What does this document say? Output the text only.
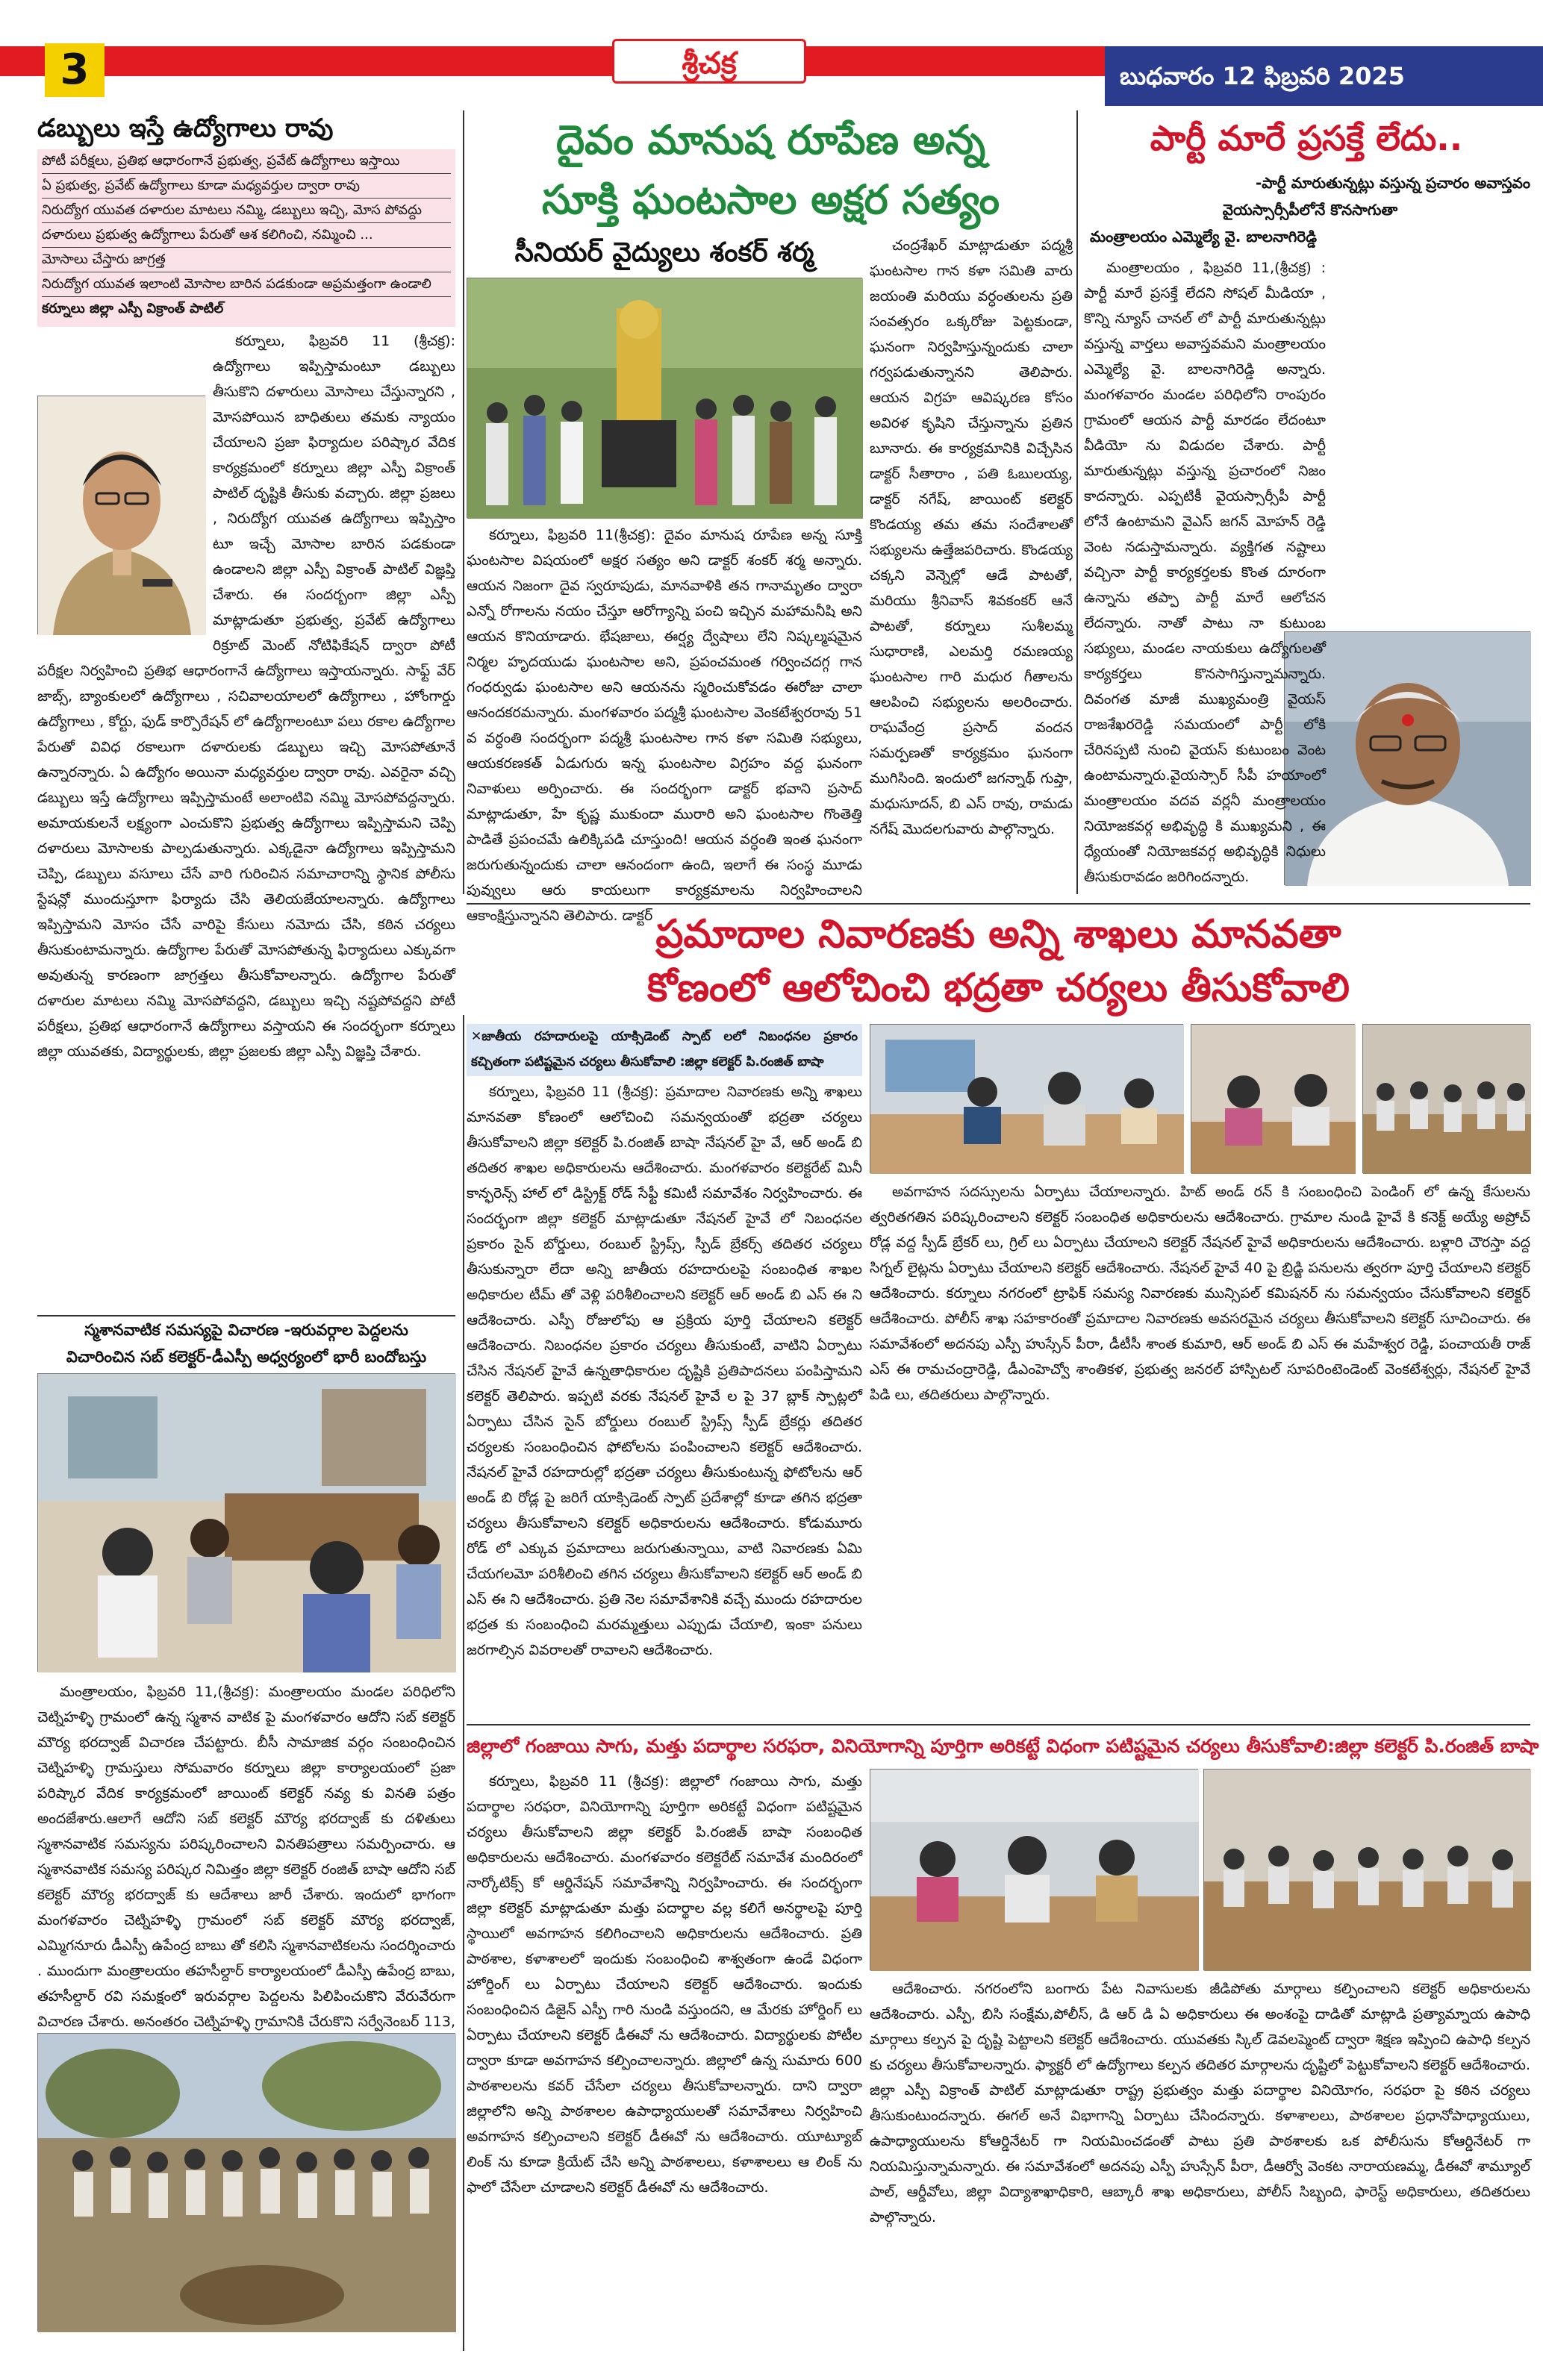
బుధవారం 12 ఫిబ్రవరి 2025
3	శ్రీచక్ర
డబ్బులు ఇస్తే ఉద్యోగాలు రావు
పోటీ పరీక్షలు, ప్రతిభ ఆధారంగానే ప్రభుత్వ, ప్రవేట్ ఉద్యోగాలు ఇస్తాయి
ఏ ప్రభుత్వ, ప్రవేట్ ఉద్యోగాలు కూడా మధ్యవర్తుల ద్వారా రావు
నిరుద్యోగ యువత దళారుల మాటలు నమ్మి, డబ్బులు ఇచ్చి, మోస పోవద్దు
దళారులు ప్రభుత్వ ఉద్యోగాలు పేరుతో ఆశ కలిగించి, నమ్మించి ...
మోసాలు చేస్తారు జాగ్రత్త
నిరుద్యోగ యువత ఇలాంటి మోసాల బారిన పడకుండా అప్రమత్తంగా ఉండాలి
కర్నూలు జిల్లా ఎస్పీ విక్రాంత్ పాటిల్

కర్నూలు, ఫిబ్రవరి 11 (శ్రీచక్ర): ఉద్యోగాలు ఇప్పిస్తామంటూ డబ్బులు తీసుకొని దళారులు మోసాలు చేస్తున్నారని , మోసపోయిన బాధితులు తమకు న్యాయం చేయాలని ప్రజా ఫిర్యాదుల పరిష్కార వేదిక కార్యక్రమంలో కర్నూలు జిల్లా ఎస్పీ విక్రాంత్ పాటిల్ దృష్టికి తీసుకు వచ్చారు. జిల్లా ప్రజలు , నిరుద్యోగ యువత ఉద్యోగాలు ఇప్పిస్తాం టూ ఇచ్చే మోసాల బారిన పడకుండా ఉండాలని జిల్లా ఎస్పీ విక్రాంత్ పాటిల్ విజ్ఞప్తి చేశారు. ఈ సందర్బంగా జిల్లా ఎస్పీ మాట్లాడుతూ ప్రభుత్వ, ప్రవేట్ ఉద్యోగాలు రిక్రూట్ మెంట్ నోటిఫికేషన్ ద్వారా పోటీ పరీక్షల నిర్వహించి ప్రతిభ ఆధారంగానే ఉద్యోగాలు ఇస్తాయన్నారు. సాఫ్ట్ వేర్ జాబ్స్, బ్యాంకులలో ఉద్యోగాలు , సచివాలయాలలో ఉద్యోగాలు , హోంగార్డు ఉద్యోగాలు , కోర్టు, ఫుడ్ కార్పొరేషన్ లో ఉద్యోగాలంటూ పలు రకాల ఉద్యోగాల పేరుతో వివిధ రకాలుగా దళారులకు డబ్బులు ఇచ్చి మోసపోతూనే ఉన్నారన్నారు. ఏ ఉద్యోగం అయినా మధ్యవర్తుల ద్వారా రావు. ఎవరైనా వచ్చి డబ్బులు ఇస్తే ఉద్యోగాలు ఇప్పిస్తామంటే అలాంటివి నమ్మి మోసపోవద్దన్నారు. అమాయకులనే లక్ష్యంగా ఎంచుకొని ప్రభుత్వ ఉద్యోగాలు ఇప్పిస్తామని చెప్పి దళారులు మోసాలకు పాల్పడుతున్నారు. ఎక్కడైనా ఉద్యోగాలు ఇప్పిస్తామని చెప్పి, డబ్బులు వసూలు చేసే వారి గురించిన సమాచారాన్ని స్థానిక పోలీసు స్టేషన్లో ముందుస్తూగా ఫిర్యాదు చేసి తెలియజేయాలన్నారు. ఉద్యోగాలు ఇప్పిస్తామని మోసం చేసే వారిపై కేసులు నమోదు చేసి, కఠిన చర్యలు తీసుకుంటామన్నారు. ఉద్యోగాల పేరుతో మోసపోతున్న ఫిర్యాదులు ఎక్కువగా అవుతున్న కారణంగా జాగ్రత్తలు తీసుకోవాలన్నారు. ఉద్యోగాల పేరుతో దళారుల మాటలు నమ్మి మోసపోవద్దని, డబ్బులు ఇచ్చి నష్టపోవద్దని పోటీ పరీక్షలు, ప్రతిభ ఆధారంగానే ఉద్యోగాలు వస్తాయని ఈ సందర్భంగా కర్నూలు జిల్లా యువతకు, విద్యార్థులకు, జిల్లా ప్రజలకు జిల్లా ఎస్పీ విజ్ఞప్తి చేశారు.

స్మశానవాటిక సమస్యపై విచారణ -ఇరువర్గాల పెద్దలను
విచారించిన సబ్ కలెక్టర్-డీఎస్పీ అధ్వర్యంలో భారీ బందోబస్తు

మంత్రాలయం, ఫిబ్రవరి 11,(శ్రీచక్ర): మంత్రాలయం మండల పరిధిలోని చెట్నిహళ్ళి గ్రామంలో ఉన్న స్మశాన వాటిక పై మంగళవారం ఆదోని సబ్ కలెక్టర్ మౌర్య భరద్వాజ్ విచారణ చేపట్టారు. బీసీ సామాజిక వర్గం సంబంధించిన చెట్నిహళ్ళి గ్రామస్తులు సోమవారం కర్నూలు జిల్లా కార్యాలయంలో ప్రజా పరిష్కార వేదిక కార్యక్రమంలో జాయింట్ కలెక్టర్ నవ్య కు వినతి పత్రం అందజేశారు.ఆలాగే ఆదోని సబ్ కలెక్టర్ మౌర్య భరద్వాజ్ కు దళితులు స్మశానవాటిక సమస్యను పరిష్కరించాలని వినతిపత్రాలు సమర్పించారు. ఆ స్మశానవాటిక సమస్య పరిష్కర నిమిత్తం జిల్లా కలెక్టర్ రంజిత్ బాషా ఆదోని సబ్ కలెక్టర్ మౌర్య భరద్వాజ్ కు ఆదేశాలు జారీ చేశారు. ఇందులో భాగంగా మంగళవారం చెట్నిహళ్ళి గ్రామంలో సబ్ కలెక్టర్ మౌర్య భరద్వాజ్, ఎమ్మిగనూరు డీఎస్పీ ఉపేంద్ర బాబు తో కలిసి స్మశానవాటికలను సందర్శించారు . ముందుగా మంత్రాలయం తహసీల్దార్ కార్యాలయంలో డీఎస్పీ ఉపేంద్ర బాబు, తహసీల్దార్ రవి సమక్షంలో ఇరువర్గాల పెద్దలను పిలిపించుకొని వేరువేరుగా విచారణ చేశారు. అనంతరం చెట్నిహళ్ళి గ్రామానికి చేరుకొని సర్వేనెంబర్ 113,

దైవం మానుష రూపేణ అన్న
సూక్తి ఘంటసాల అక్షర సత్యం
సీనియర్ వైద్యులు శంకర్ శర్మ

కర్నూలు, ఫిబ్రవరి 11(శ్రీచక్ర): దైవం మానుష రూపేణ అన్న సూక్తి ఘంటసాల విషయంలో అక్షర సత్యం అని డాక్టర్ శంకర్ శర్మ అన్నారు. ఆయన నిజంగా దైవ స్వరూపుడు, మానవాళికి తన గానామృతం ద్వారా ఎన్నో రోగాలను నయం చేస్తూ ఆరోగ్యాన్ని పంచి ఇచ్చిన మహామనీషి అని ఆయన కొనియాడారు. భేషజాలు, ఈర్ష్య ద్వేషాలు లేని నిష్కల్మషమైన నిర్మల హృదయుడు ఘంటసాల అని, ప్రపంచమంత గర్వించదగ్గ గాన గంధర్వుడు ఘంటసాల అని ఆయనను స్మరించుకోవడం ఈరోజు చాలా ఆనందకరమన్నారు. మంగళవారం పద్మశ్రీ ఘంటసాల వెంకటేశ్వరరావు 51 వ వర్ధంతి సందర్భంగా పద్మశ్రీ ఘంటసాల గాన కళా సమితి సభ్యులు, ఆయకరణకత్ ఏడుగురు ఇన్న ఘంటసాల విగ్రహం వద్ద ఘనంగా నివాళులు అర్పించారు. ఈ సందర్భంగా డాక్టర్ భవాని ప్రసాద్ మాట్లాడుతూ, హే కృష్ణ ముకుందా మురారి అని ఘంటసాల గొంతెత్తి పాడితే ప్రపంచమే ఉలిక్కిపడి చూస్తుంది! ఆయన వర్ధంతి ఇంత ఘనంగా జరుగుతున్నందుకు చాలా ఆనందంగా ఉంది, ఇలాగే ఈ సంస్థ మూడు పువ్వులు ఆరు కాయలుగా కార్యక్రమాలను నిర్వహించాలని ఆకాంక్షిస్తున్నానని తెలిపారు. డాక్టర్

చంద్రశేఖర్ మాట్లాడుతూ పద్మశ్రీ ఘంటసాల గాన కళా సమితి వారు జయంతి మరియు వర్ధంతులను ప్రతి సంవత్సరం ఒక్కరోజు పెట్టకుండా, ఘనంగా నిర్వహిస్తున్నందుకు చాలా గర్వపడుతున్నానని తెలిపారు. ఆయన విగ్రహ ఆవిష్కరణ కోసం అవిరళ కృషిని చేస్తున్నాను ప్రతిన బూనారు. ఈ కార్యక్రమానికి విచ్చేసిన డాక్టర్ సీతారాం , పతి ఓబులయ్య, డాక్టర్ నగేష్, జాయింట్ కలెక్టర్ కొండయ్య తమ తమ సందేశాలతో సభ్యులను ఉత్తేజపరిచారు. కొండయ్య చక్కని వెన్నెల్లో ఆడే పాటతో, మరియు శ్రీనివాస్ శివకంకర్ ఆనే పాటతో, కర్నూలు సుశీలమ్మ సుధారాణి, ఎలమర్తి రమణయ్య ఘంటసాల గారి మధుర గీతాలను ఆలపించి సభ్యులను అలరించారు. రాఘవేంద్ర ప్రసాద్ వందన సమర్పణతో కార్యక్రమం ఘనంగా ముగిసింది. ఇందులో జగన్నాథ్ గుప్తా, మధుసూదన్, బి ఎస్ రావు, రామడు నగేష్ మొదలగువారు పాల్గొన్నారు.

పార్టీ మారే ప్రసక్తే లేదు..
-పార్టీ మారుతున్నట్లు వస్తున్న ప్రచారం అవాస్తవం
వైయస్సార్సీపీలోనే కొనసాగుతా
మంత్రాలయం ఎమ్మెల్యే వై. బాలనాగిరెడ్డి

మంత్రాలయం , ఫిబ్రవరి 11,(శ్రీచక్ర) : పార్టీ మారే ప్రసక్తే లేదని సోషల్ మీడియా , కొన్ని న్యూస్ చానల్ లో పార్టీ మారుతున్నట్లు వస్తున్న వార్తలు అవాస్తవమని మంత్రాలయం ఎమ్మెల్యే వై. బాలనాగిరెడ్డి అన్నారు. మంగళవారం మండల పరిధిలోని రాంపురం గ్రామంలో ఆయన పార్టీ మారడం లేదంటూ వీడియో ను విడుదల చేశారు. పార్టీ మారుతున్నట్లు వస్తున్న ప్రచారంలో నిజం కాదన్నారు. ఎప్పటికీ వైయస్సార్సీపీ పార్టీ లోనే ఉంటామని వైఎస్ జగన్ మోహన్ రెడ్డి వెంట నడుస్తామన్నారు. వ్యక్తిగత నష్టాలు వచ్చినా పార్టీ కార్యకర్తలకు కొంత దూరంగా ఉన్నాను తప్పా పార్టీ మారే ఆలోచన లేదన్నారు. నాతో పాటు నా కుటుంబ సభ్యులు, మండల నాయకులు ఉద్యోగులతో కార్యకర్తలు కొనసాగిస్తున్నామన్నారు. దివంగత మాజీ ముఖ్యమంత్రి వైయస్ రాజశేఖరరెడ్డి సమయంలో పార్టీ లోకి చేరినప్పటి నుంచి వైయస్ కుటుంబం వెంట ఉంటామన్నారు.వైయస్సార్ సీపీ హయాంలో మంత్రాలయం వదవ వర్లనీ మంత్రాలయం నియోజకవర్గ అభివృద్ధి కి ముఖ్యమని , ఈ ధ్యేయంతో నియోజకవర్గ అభివృద్ధికి నిధులు తీసుకురావడం జరిగిందన్నారు.

ప్రమాదాల నివారణకు అన్ని శాఖలు మానవతా
కోణంలో ఆలోచించి భద్రతా చర్యలు తీసుకోవాలి
✕జాతీయ రహదారులపై యాక్సిడెంట్ స్పాట్ లలో నిబంధనల ప్రకారం కచ్చితంగా పటిష్టమైన చర్యలు తీసుకోవాలి :జిల్లా కలెక్టర్ పి.రంజిత్ బాషా

కర్నూలు, ఫిబ్రవరి 11 (శ్రీచక్ర): ప్రమాదాల నివారణకు అన్ని శాఖలు మానవతా కోణంలో ఆలోచించి సమన్వయంతో భద్రతా చర్యలు తీసుకోవాలని జిల్లా కలెక్టర్ పి.రంజిత్ బాషా నేషనల్ హై వే, ఆర్ అండ్ బి తదితర శాఖల అధికారులను ఆదేశించారు. మంగళవారం కలెక్టరేట్ మినీ కాన్ఫరెన్స్ హాల్ లో డిస్ట్రిక్ట్ రోడ్ సేఫ్టీ కమిటీ సమావేశం నిర్వహించారు. ఈ సందర్భంగా జిల్లా కలెక్టర్ మాట్లాడుతూ నేషనల్ హైవే లో నిబంధనల ప్రకారం సైన్ బోర్డులు, రంబుల్ స్ట్రిప్స్, స్పీడ్ బ్రేకర్స్ తదితర చర్యలు తీసుకున్నారా లేదా అన్ని జాతీయ రహదారులపై సంబంధిత శాఖల అధికారుల టీమ్ తో వెళ్లి పరిశీలించాలని కలెక్టర్ ఆర్ అండ్ బి ఎస్ ఈ ని ఆదేశించారు. ఎస్పీ రోజులోపు ఆ ప్రక్రియ పూర్తి చేయాలని కలెక్టర్ ఆదేశించారు. నిబంధనల ప్రకారం చర్యలు తీసుకుంటే, వాటిని ఏర్పాటు చేసిన నేషనల్ హైవే ఉన్నతాధికారుల దృష్టికి ప్రతిపాదనలు పంపిస్తామని కలెక్టర్ తెలిపారు. ఇప్పటి వరకు నేషనల్ హైవే ల పై 37 బ్లాక్ స్పాట్లలో ఏర్పాటు చేసిన సైన్ బోర్డులు రంబుల్ స్ట్రిప్స్ స్పీడ్ బ్రేకర్లు తదితర చర్యలకు సంబంధించిన ఫోటోలను పంపించాలని కలెక్టర్ ఆదేశించారు. నేషనల్ హైవే రహదారుల్లో భద్రతా చర్యలు తీసుకుంటున్న ఫోటోలను ఆర్ అండ్ బి రోడ్ల పై జరిగే యాక్సిడెంట్ స్పాట్ ప్రదేశాల్లో కూడా తగిన భద్రతా చర్యలు తీసుకోవాలని కలెక్టర్ అధికారులను ఆదేశించారు. కోడుమూరు రోడ్ లో ఎక్కువ ప్రమాదాలు జరుగుతున్నాయి, వాటి నివారణకు ఏమి చేయగలమో పరిశీలించి తగిన చర్యలు తీసుకోవాలని కలెక్టర్ ఆర్ అండ్ బి ఎస్ ఈ ని ఆదేశించారు. ప్రతి నెల సమావేశానికి వచ్చే ముందు రహదారుల భద్రత కు సంబంధించి మరమ్మత్తులు ఎప్పుడు చేయాలి, ఇంకా పనులు జరగాల్సిన వివరాలతో రావాలని ఆదేశించారు.

అవగాహన సదస్సులను ఏర్పాటు చేయాలన్నారు. హిట్ అండ్ రన్ కి సంబంధించి పెండింగ్ లో ఉన్న కేసులను త్వరితగతిన పరిష్కరించాలని కలెక్టర్ సంబంధిత అధికారులను ఆదేశించారు. గ్రామాల నుండి హైవే కి కనెక్ట్ అయ్యే అప్రోచ్ రోడ్ల వద్ద స్పీడ్ బ్రేకర్ లు, గ్రిల్ లు ఏర్పాటు చేయాలని కలెక్టర్ నేషనల్ హైవే అధికారులను ఆదేశించారు. బళ్లారి చౌరస్తా వద్ద సిగ్నల్ లైట్లను ఏర్పాటు చేయాలని కలెక్టర్ ఆదేశించారు. నేషనల్ హైవే 40 పై బ్రిడ్జి పనులను త్వరగా పూర్తి చేయాలని కలెక్టర్ ఆదేశించారు. కర్నూలు నగరంలో ట్రాఫిక్ సమస్య నివారణకు మున్సిపల్ కమిషనర్ ను సమన్వయం చేసుకోవాలని కలెక్టర్ ఆదేశించారు. పోలీస్ శాఖ సహకారంతో ప్రమాదాల నివారణకు అవసరమైన చర్యలు తీసుకోవాలని కలెక్టర్ సూచించారు. ఈ సమావేశంలో అదనపు ఎస్పీ హుస్సేన్ పీరా, డీటీసీ శాంత కుమారి, ఆర్ అండ్ బి ఎస్ ఈ మహేశ్వర రెడ్డి, పంచాయతీ రాజ్ ఎస్ ఈ రామచంద్రారెడ్డి, డీఎంహెచ్వో శాంతికళ, ప్రభుత్వ జనరల్ హాస్పిటల్ సూపరింటెండెంట్ వెంకటేశ్వర్లు, నేషనల్ హైవే పిడి లు, తదితరులు పాల్గొన్నారు.

జిల్లాలో గంజాయి సాగు, మత్తు పదార్థాల సరఫరా, వినియోగాన్ని పూర్తిగా అరికట్టే విధంగా పటిష్టమైన చర్యలు తీసుకోవాలి:జిల్లా కలెక్టర్ పి.రంజిత్ బాషా

కర్నూలు, ఫిబ్రవరి 11 (శ్రీచక్ర): జిల్లాలో గంజాయి సాగు, మత్తు పదార్థాల సరఫరా, వినియోగాన్ని పూర్తిగా అరికట్టే విధంగా పటిష్టమైన చర్యలు తీసుకోవాలని జిల్లా కలెక్టర్ పి.రంజిత్ బాషా సంబంధిత అధికారులను ఆదేశించారు. మంగళవారం కలెక్టరేట్ సమావేశ మందిరంలో నార్కోటిక్స్ కో ఆర్డినేషన్ సమావేశాన్ని నిర్వహించారు. ఈ సందర్భంగా జిల్లా కలెక్టర్ మాట్లాడుతూ మత్తు పదార్థాల వల్ల కలిగే అనర్థాలపై పూర్తి స్థాయిలో అవగాహన కలిగించాలని అధికారులను ఆదేశించారు. ప్రతి పాఠశాల, కళాశాలలో ఇందుకు సంబంధించి శాశ్వతంగా ఉండే విధంగా హోర్డింగ్ లు ఏర్పాటు చేయాలని కలెక్టర్ ఆదేశించారు. ఇందుకు సంబంధించిన డిజైన్ ఎస్పీ గారి నుండి వస్తుందని, ఆ మేరకు హోర్డింగ్ లు ఏర్పాటు చేయాలని కలెక్టర్ డీఈవో ను ఆదేశించారు. విద్యార్థులకు పోటీల ద్వారా కూడా అవగాహన కల్పించాలన్నారు. జిల్లాలో ఉన్న సుమారు 600 పాఠశాలలను కవర్ చేసేలా చర్యలు తీసుకోవాలన్నారు. దాని ద్వారా జిల్లాలోని అన్ని పాఠశాలల ఉపాధ్యాయులతో సమావేశాలు నిర్వహించి అవగాహన కల్పించాలని కలెక్టర్ డీఈవో ను ఆదేశించారు. యూట్యూబ్ లింక్ ను కూడా క్రియేట్ చేసి అన్ని పాఠశాలలు, కళాశాలలు ఆ లింక్ ను ఫాలో చేసేలా చూడాలని కలెక్టర్ డీఈవో ను ఆదేశించారు.

ఆదేశించారు. నగరంలోని బంగారు పేట నివాసులకు జీడిపోతు మార్గాలు కల్పించాలని కలెక్టర్ అధికారులను ఆదేశించారు. ఎస్పీ, బిసి సంక్షేమ,పోలీస్, డి ఆర్ డి ఏ అధికారులు ఈ అంశంపై దాడితో మాట్లాడి ప్రత్యామ్నాయ ఉపాధి మార్గాలు కల్పన పై దృష్టి పెట్టాలని కలెక్టర్ ఆదేశించారు. యువతకు స్కిల్ డెవలప్మెంట్ ద్వారా శిక్షణ ఇప్పించి ఉపాధి కల్పన కు చర్యలు తీసుకోవాలన్నారు. ఫ్యాక్టరీ లో ఉద్యోగాలు కల్పన తదితర మార్గాలను దృష్టిలో పెట్టుకోవాలని కలెక్టర్ ఆదేశించారు. జిల్లా ఎస్పీ విక్రాంత్ పాటిల్ మాట్లాడుతూ రాష్ట్ర ప్రభుత్వం మత్తు పదార్థాల వినియోగం, సరఫరా పై కఠిన చర్యలు తీసుకుంటుందన్నారు. ఈగల్ అనే విభాగాన్ని ఏర్పాటు చేసిందన్నారు. కళాశాలలు, పాఠశాలల ప్రధానోపాధ్యాయులు, ఉపాధ్యాయులను కోఆర్డినేటర్ గా నియమించడంతో పాటు ప్రతి పాఠశాలకు ఒక పోలీసును కోఆర్డినేటర్ గా నియమిస్తున్నామన్నారు. ఈ సమావేశంలో అదనపు ఎస్పీ హుస్సేన్ పీరా, డీఆర్వో వెంకట నారాయణమ్మ, డీఈవో శామ్యూల్ పాల్, ఆర్డీవోలు, జిల్లా విద్యాశాఖాధికారి, ఆబ్కారీ శాఖ అధికారులు, పోలీస్ సిబ్బంది, ఫారెస్ట్ అధికారులు, తదితరులు పాల్గొన్నారు.
